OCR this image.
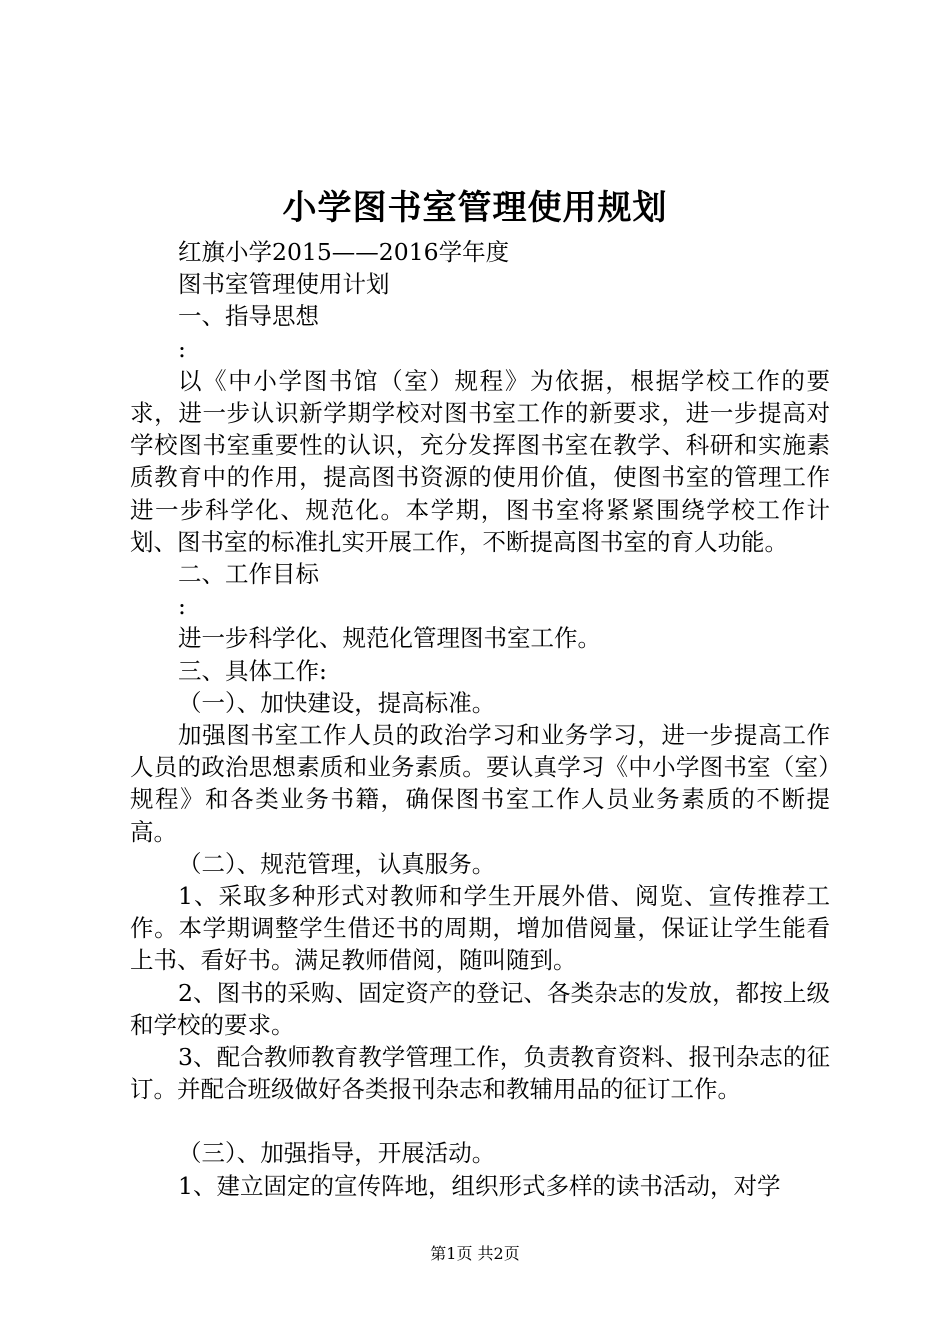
小学图书室管理使用规划
红旗小学2015——2016学年度
图书室管理使用计划
一、指导思想
:

以《中小学图书馆（室）规程》为依据，根据学校工作的要求，进一步认识新学期学校对图书室工作的新要求，进一步提高对学校图书室重要性的认识，充分发挥图书室在教学、科研和实施素质教育中的作用，提高图书资源的使用价值，使图书室的管理工作进一步科学化、规范化。本学期，图书室将紧紧围绕学校工作计划、图书室的标准扎实开展工作，不断提高图书室的育人功能。

二、工作目标
:
进一步科学化、规范化管理图书室工作。
三、具体工作:
（一）、加快建设，提高标准。

加强图书室工作人员的政治学习和业务学习，进一步提高工作人员的政治思想素质和业务素质。要认真学习《中小学图书室（室）规程》和各类业务书籍，确保图书室工作人员业务素质的不断提高。

（二）、规范管理，认真服务。

1、采取多种形式对教师和学生开展外借、阅览、宣传推荐工作。本学期调整学生借还书的周期，增加借阅量，保证让学生能看上书、看好书。满足教师借阅，随叫随到。

2、图书的采购、固定资产的登记、各类杂志的发放，都按上级和学校的要求。

3、配合教师教育教学管理工作，负责教育资料、报刊杂志的征订。并配合班级做好各类报刊杂志和教辅用品的征订工作。

（三）、加强指导，开展活动。

1、建立固定的宣传阵地，组织形式多样的读书活动，对学

第1页 共2页
